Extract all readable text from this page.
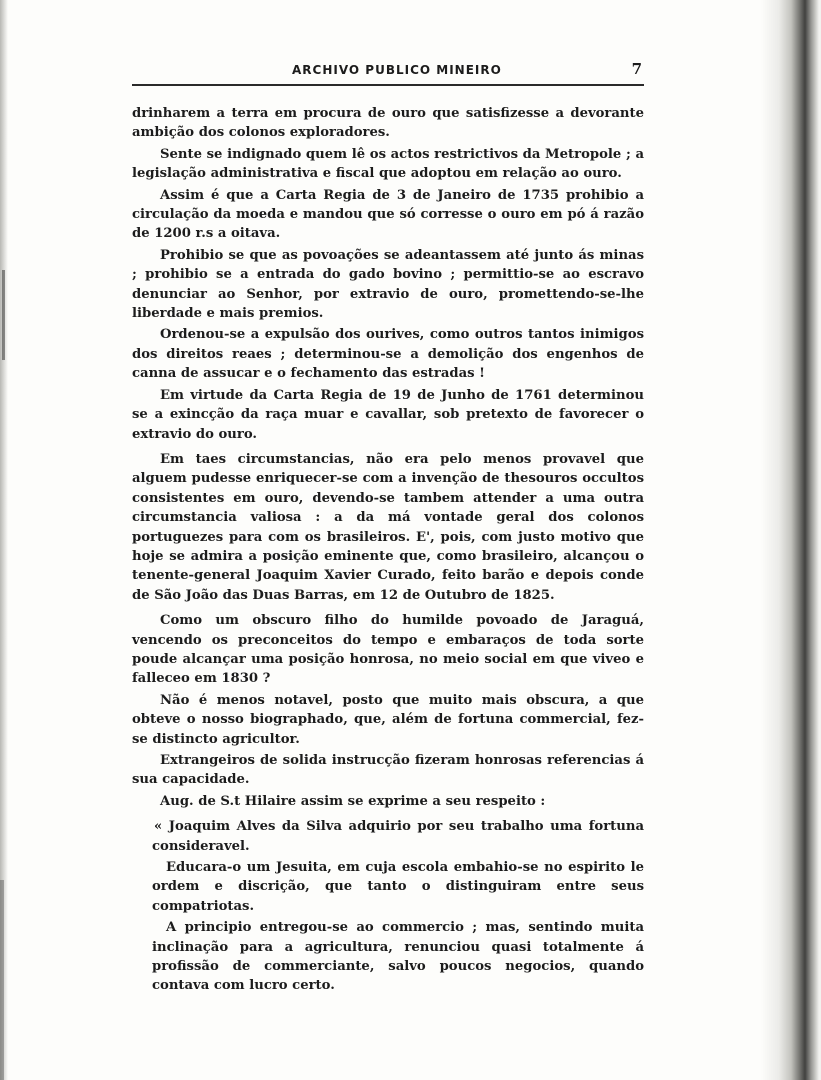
ARCHIVO PUBLICO MINEIRO	7

drinharem a terra em procura de ouro que satisfizesse a devorante ambição dos colonos exploradores.

Sente se indignado quem lê os actos restrictivos da Metropole ; a legislação administrativa e fiscal que adoptou em relação ao ouro.

Assim é que a Carta Regia de 3 de Janeiro de 1735 prohibio a circulação da moeda e mandou que só corresse o ouro em pó á razão de 1200 r.s a oitava.

Prohibio se que as povoações se adeantassem até junto ás minas ; prohibio se a entrada do gado bovino ; permittio-se ao escravo denunciar ao Senhor, por extravio de ouro, promettendo-se-lhe liberdade e mais premios.

Ordenou-se a expulsão dos ourives, como outros tantos inimigos dos direitos reaes ; determinou-se a demolição dos engenhos de canna de assucar e o fechamento das estradas !

Em virtude da Carta Regia de 19 de Junho de 1761 determinou se a exincção da raça muar e cavallar, sob pretexto de favorecer o extravio do ouro.

Em taes circumstancias, não era pelo menos provavel que alguem pudesse enriquecer-se com a invenção de thesouros occultos consistentes em ouro, devendo-se tambem attender a uma outra circumstancia valiosa : a da má vontade geral dos colonos portuguezes para com os brasileiros. E', pois, com justo motivo que hoje se admira a posição eminente que, como brasileiro, alcançou o tenente-general Joaquim Xavier Curado, feito barão e depois conde de São João das Duas Barras, em 12 de Outubro de 1825.

Como um obscuro filho do humilde povoado de Jaraguá, vencendo os preconceitos do tempo e embaraços de toda sorte poude alcançar uma posição honrosa, no meio social em que viveo e falleceo em 1830 ?

Não é menos notavel, posto que muito mais obscura, a que obteve o nosso biographado, que, além de fortuna commercial, fez-se distincto agricultor.

Extrangeiros de solida instrucção fizeram honrosas referencias á sua capacidade.

Aug. de S.t Hilaire assim se exprime a seu respeito :

« Joaquim Alves da Silva adquirio por seu trabalho uma fortuna consideravel.

Educara-o um Jesuita, em cuja escola embahio-se no espirito le ordem e discrição, que tanto o distinguiram entre seus compatriotas.

A principio entregou-se ao commercio ; mas, sentindo muita inclinação para a agricultura, renunciou quasi totalmente á profissão de commerciante, salvo poucos negocios, quando contava com lucro certo.
